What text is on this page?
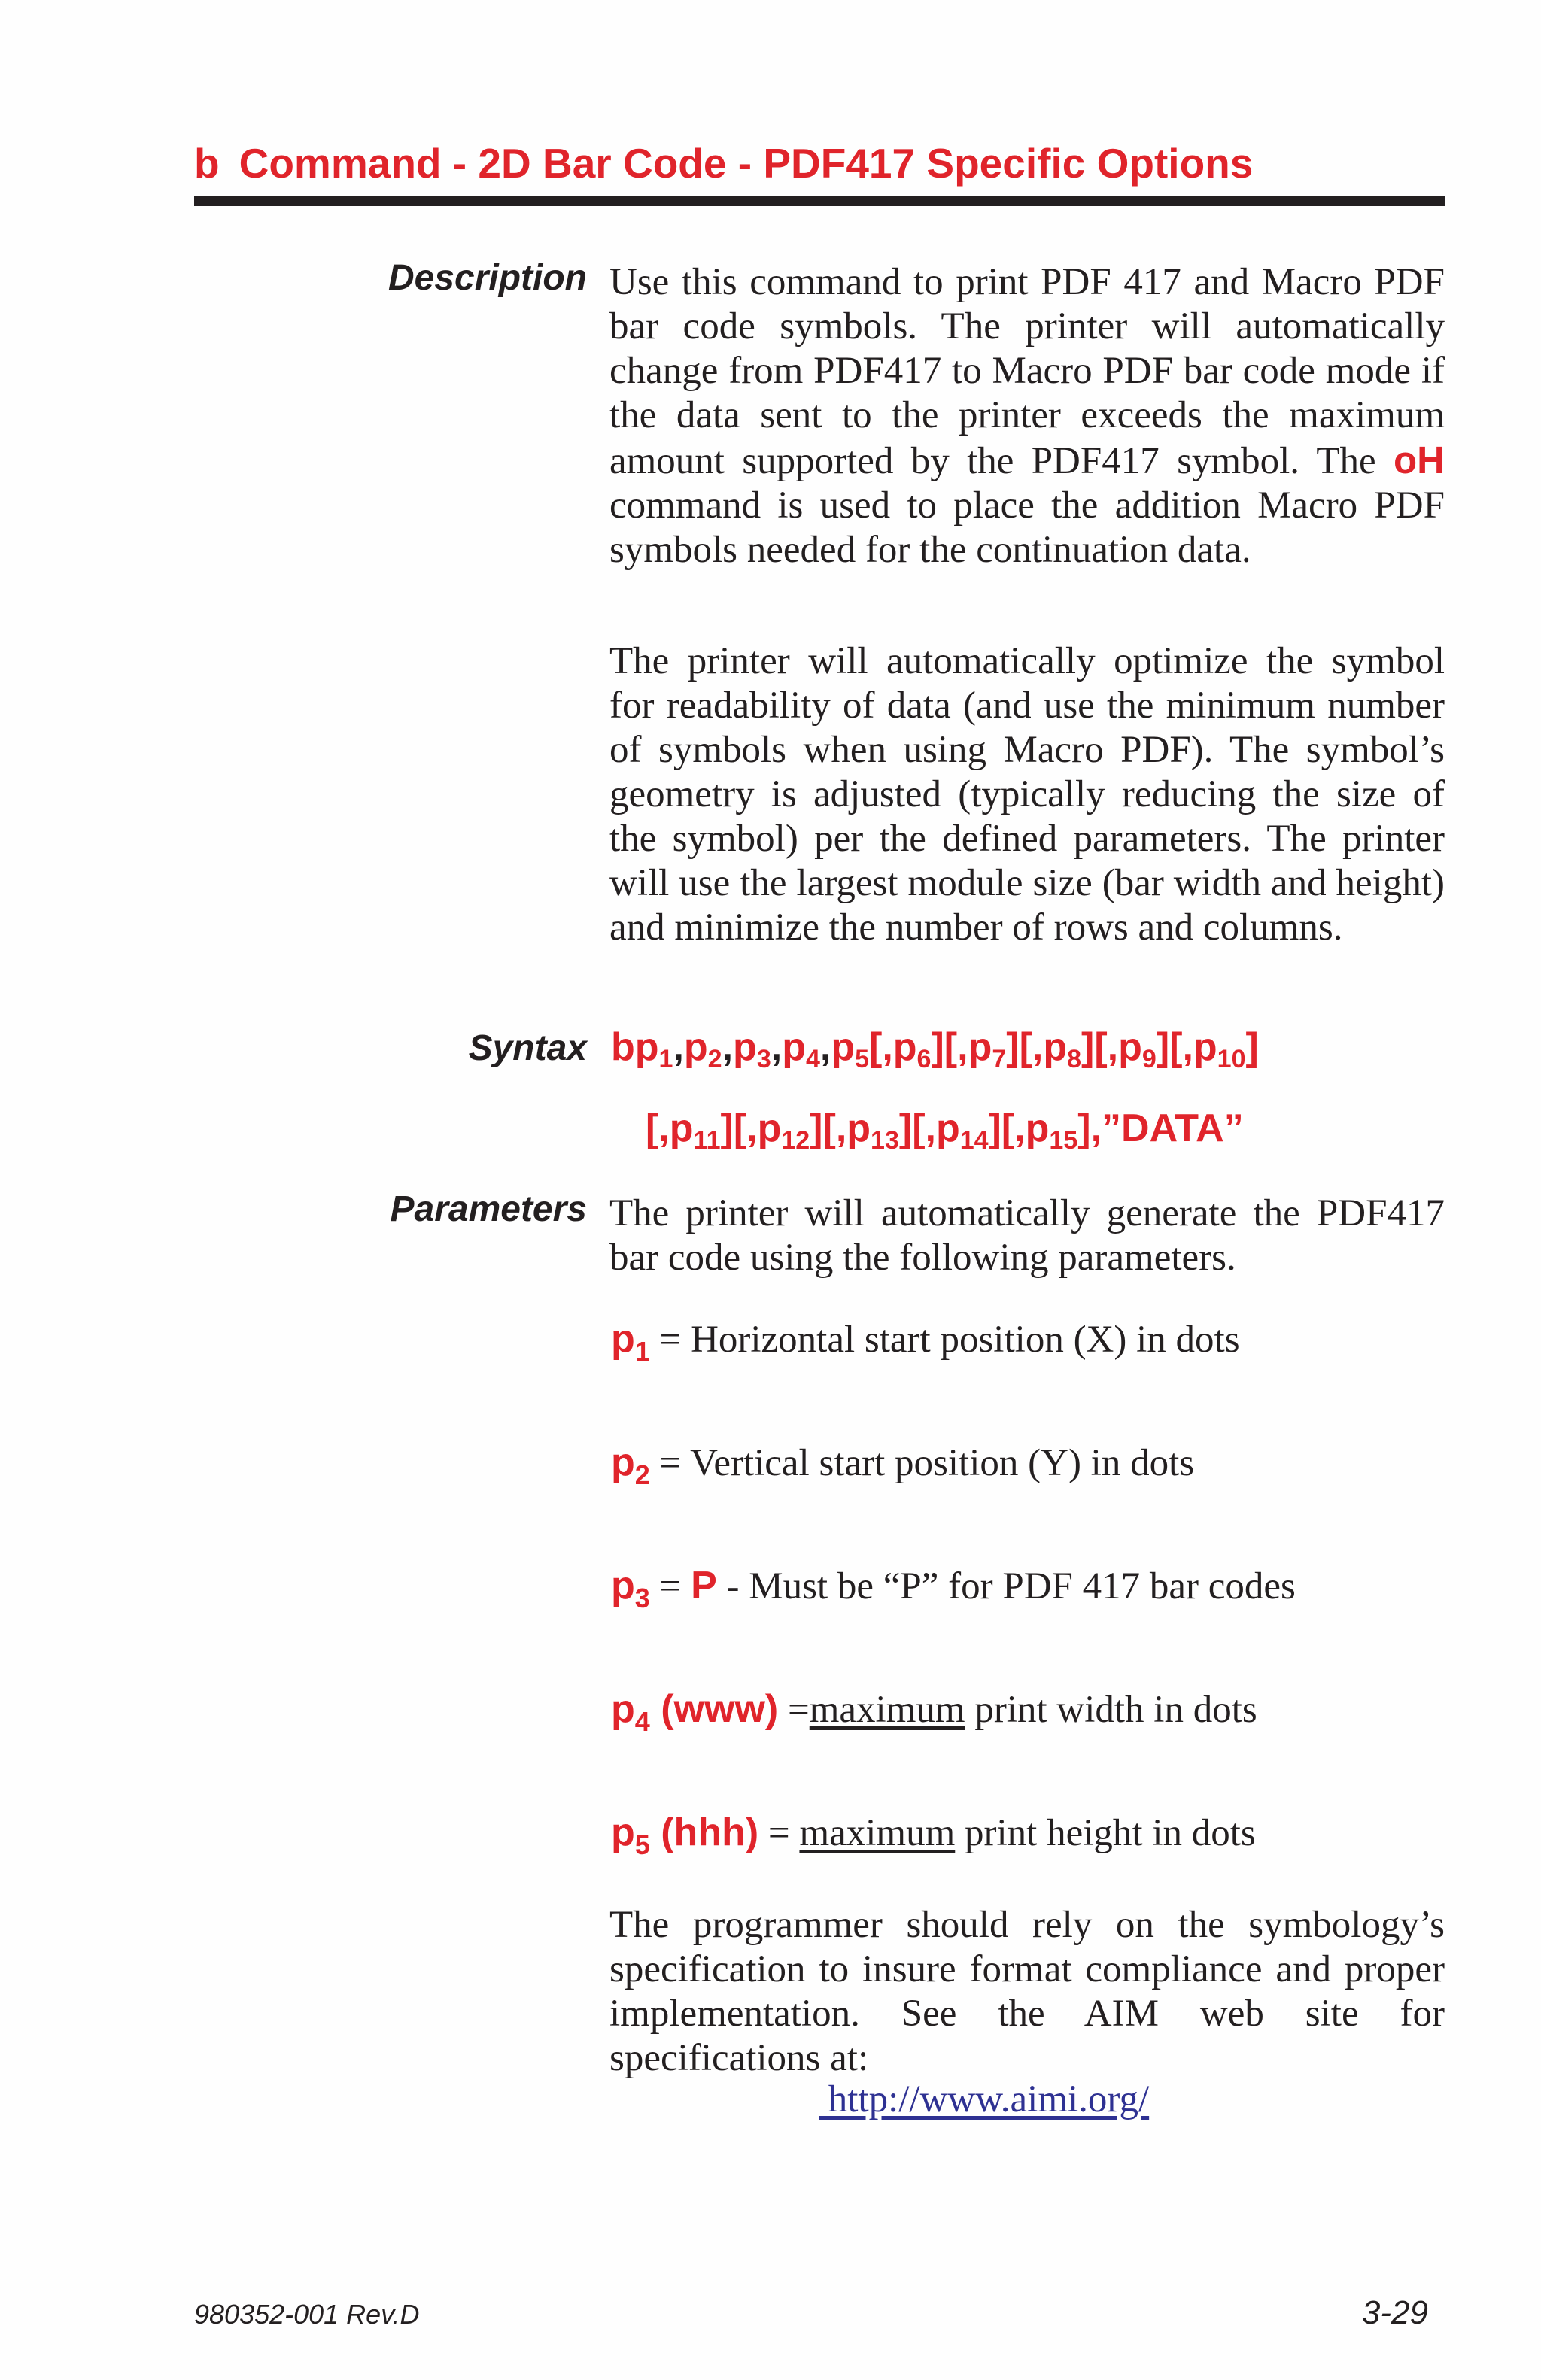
b Command - 2D Bar Code - PDF417 Specific Options
Description Use this command to print PDF 417 and Macro PDF bar code symbols. The printer will automatically change from PDF417 to Macro PDF bar code mode if the data sent to the printer exceeds the maximum amount supported by the PDF417 symbol. The oH command is used to place the addition Macro PDF symbols needed for the continuation data.
The printer will automatically optimize the symbol for readability of data (and use the minimum number of symbols when using Macro PDF). The symbol’s geometry is adjusted (typically reducing the size of the symbol) per the defined parameters. The printer will use the largest module size (bar width and height) and minimize the number of rows and columns.
Syntax $bp_1,p_2,p_3,p_4,p_5[,p_6][,p_7][,p_8][,p_9][,p_{10}]$
$[,p_{11}][,p_{12}][,p_{13}][,p_{14}][,p_{15}],”DATA$”
Parameters The printer will automatically generate the PDF417 bar code using the following parameters.
$p_1$ = Horizontal start position (X) in dots
$p_2$ = Vertical start position (Y) in dots
$p_3 = P$ - Must be “P” for PDF 417 bar codes
$p_4$ (www) =maximum print width in dots
$p_5$ (hhh) = maximum print height in dots
The programmer should rely on the symbology’s specification to insure format compliance and proper implementation. See the AIM web site for specifications at:
http://www.aimi.org/
980352-001 Rev.D	3-29
